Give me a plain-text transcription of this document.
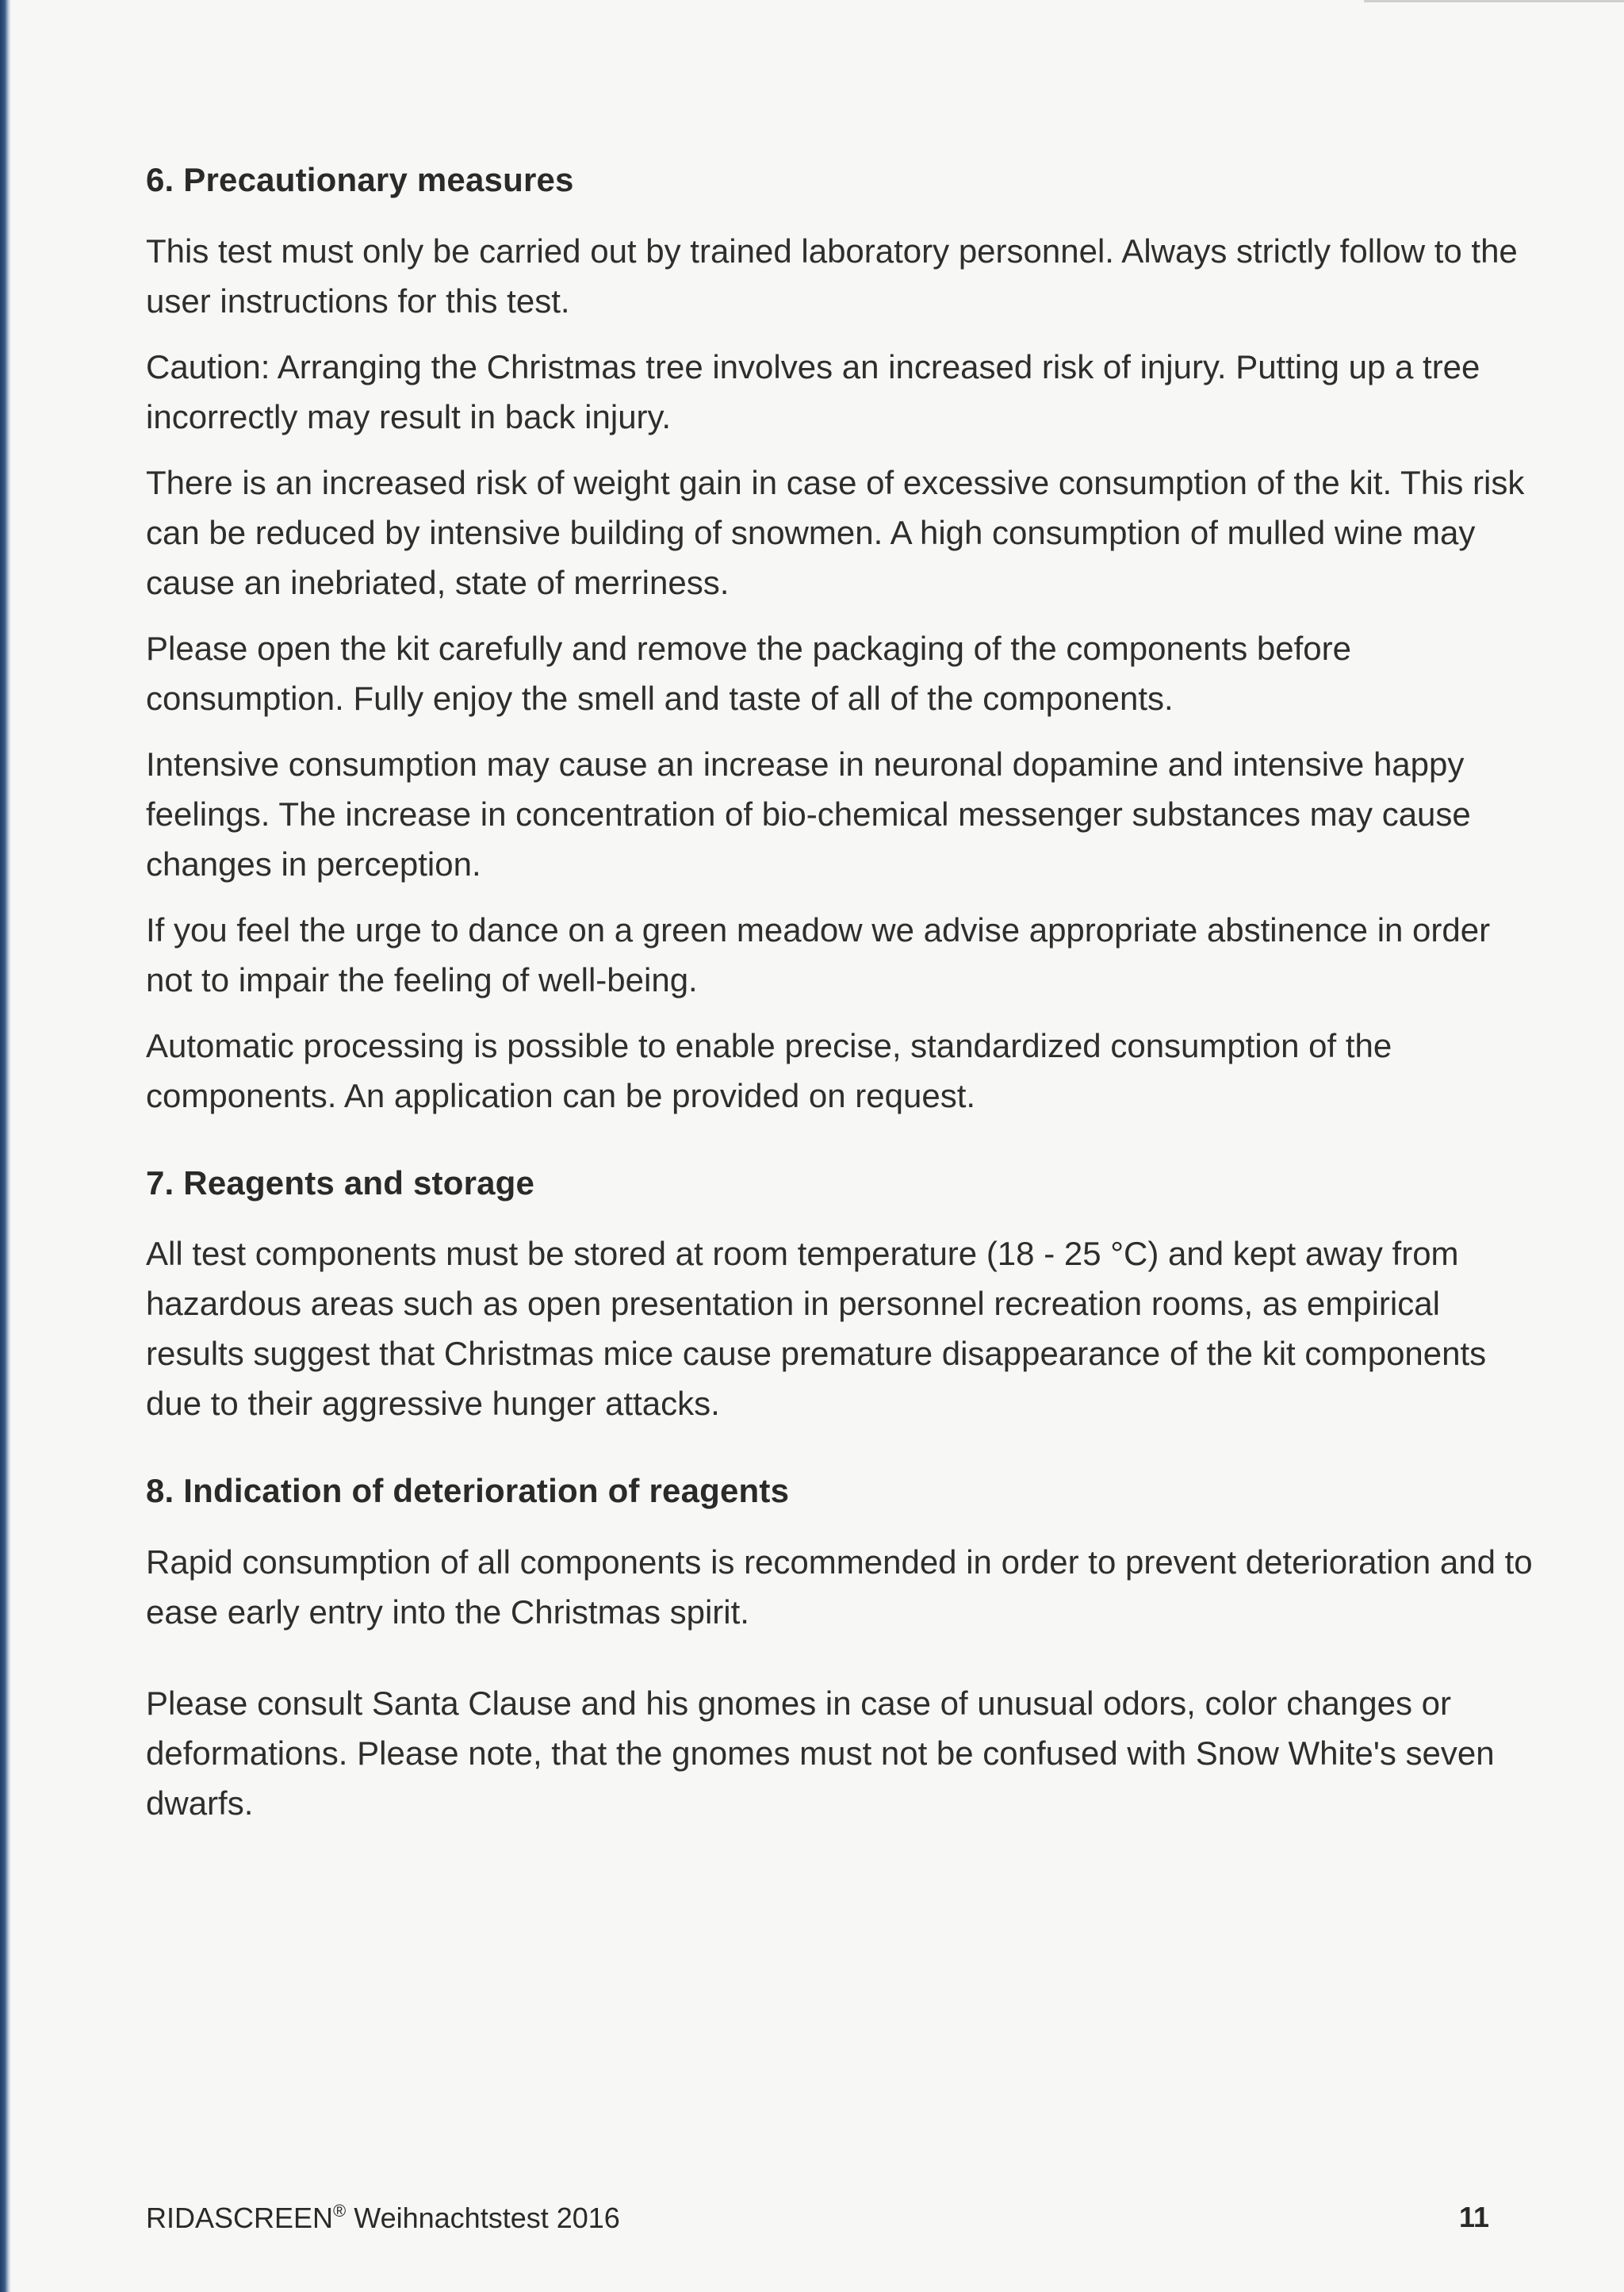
6. Precautionary measures

This test must only be carried out by trained laboratory personnel. Always strictly follow to the user instructions for this test.

Caution: Arranging the Christmas tree involves an increased risk of injury. Putting up a tree incorrectly may result in back injury.

There is an increased risk of weight gain in case of excessive consumption of the kit. This risk can be reduced by intensive building of snowmen. A high consumption of mulled wine may cause an inebriated, state of merriness.

Please open the kit carefully and remove the packaging of the components before consumption. Fully enjoy the smell and taste of all of the components.

Intensive consumption may cause an increase in neuronal dopamine and intensive happy feelings. The increase in concentration of bio-chemical messenger substances may cause changes in perception.

If you feel the urge to dance on a green meadow we advise appropriate abstinence in order not to impair the feeling of well-being.

Automatic processing is possible to enable precise, standardized consumption of the components. An application can be provided on request.

7. Reagents and storage

All test components must be stored at room temperature (18 - 25 °C) and kept away from hazardous areas such as open presentation in personnel recreation rooms, as empirical results suggest that Christmas mice cause premature disappearance of the kit components due to their aggressive hunger attacks.

8. Indication of deterioration of reagents

Rapid consumption of all components is recommended in order to prevent deterioration and to ease early entry into the Christmas spirit.

Please consult Santa Clause and his gnomes in case of unusual odors, color changes or deformations. Please note, that the gnomes must not be confused with Snow White's seven dwarfs.

RIDASCREEN® Weihnachtstest 2016	11
